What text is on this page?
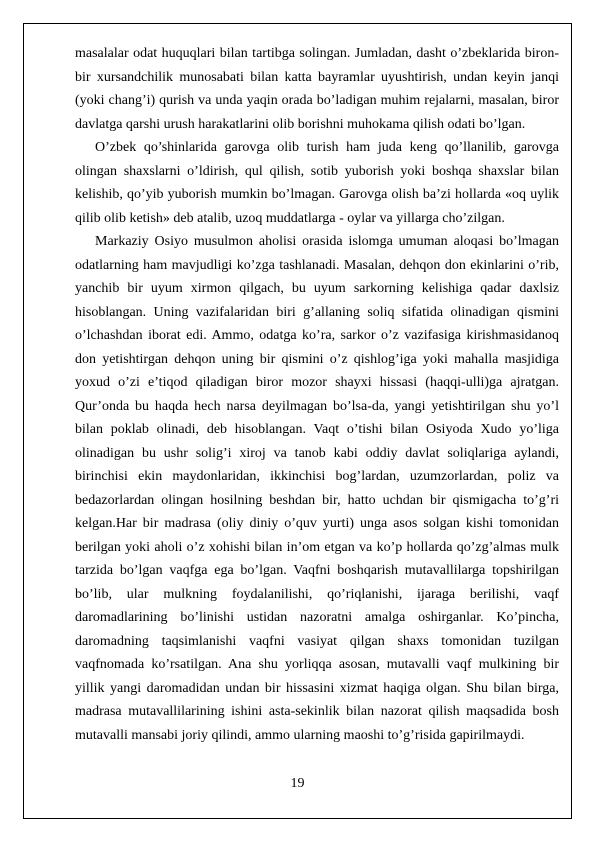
masalalar odat huquqlari bilan tartibga solingan. Jumladan, dasht o’zbeklarida biron-bir xursandchilik munosabati bilan katta bayramlar uyushtirish, undan keyin janqi (yoki chang’i) qurish va unda yaqin orada bo’ladigan muhim rejalarni, masalan, biror davlatga qarshi urush harakatlarini olib borishni muhokama qilish odati bo’lgan.

O’zbek qo’shinlarida garovga olib turish ham juda keng qo’llanilib, garovga olingan shaxslarni o’ldirish, qul qilish, sotib yuborish yoki boshqa shaxslar bilan kelishib, qo’yib yuborish mumkin bo’lmagan. Garovga olish ba’zi hollarda «oq uylik qilib olib ketish» deb atalib, uzoq muddatlarga - oylar va yillarga cho’zilgan.

Markaziy Osiyo musulmon aholisi orasida islomga umuman aloqasi bo’lmagan odatlarning ham mavjudligi ko’zga tashlanadi. Masalan, dehqon don ekinlarini o’rib, yanchib bir uyum xirmon qilgach, bu uyum sarkorning kelishiga qadar daxlsiz hisoblangan. Uning vazifalaridan biri g’allaning soliq sifatida olinadigan qismini o’lchashdan iborat edi. Ammo, odatga ko’ra, sarkor o’z vazifasiga kirishmasidanoq don yetishtirgan dehqon uning bir qismini o’z qishlog’iga yoki mahalla masjidiga yoxud o’zi e’tiqod qiladigan biror mozor shayxi hissasi (haqqi-ulli)ga ajratgan. Qur’onda bu haqda hech narsa deyilmagan bo’lsa-da, yangi yetishtirilgan shu yo’l bilan poklab olinadi, deb hisoblangan. Vaqt o’tishi bilan Osiyoda Xudo yo’liga olinadigan bu ushr solig’i xiroj va tanob kabi oddiy davlat soliqlariga aylandi, birinchisi ekin maydonlaridan, ikkinchisi bog’lardan, uzumzorlardan, poliz va bedazorlardan olingan hosilning beshdan bir, hatto uchdan bir qismigacha to’g’ri kelgan.Har bir madrasa (oliy diniy o’quv yurti) unga asos solgan kishi tomonidan berilgan yoki aholi o’z xohishi bilan in’om etgan va ko’p hollarda qo’zg’almas mulk tarzida bo’lgan vaqfga ega bo’lgan. Vaqfni boshqarish mutavallilarga topshirilgan bo’lib, ular mulkning foydalanilishi, qo’riqlanishi, ijaraga berilishi, vaqf daromadlarining bo’linishi ustidan nazoratni amalga oshirganlar. Ko’pincha, daromadning taqsimlanishi vaqfni vasiyat qilgan shaxs tomonidan tuzilgan vaqfnomada ko’rsatilgan. Ana shu yorliqqa asosan, mutavalli vaqf mulkining bir yillik yangi daromadidan undan bir hissasini xizmat haqiga olgan. Shu bilan birga, madrasa mutavallilarining ishini asta-sekinlik bilan nazorat qilish maqsadida bosh mutavalli mansabi joriy qilindi, ammo ularning maoshi to’g’risida gapirilmaydi.

19
